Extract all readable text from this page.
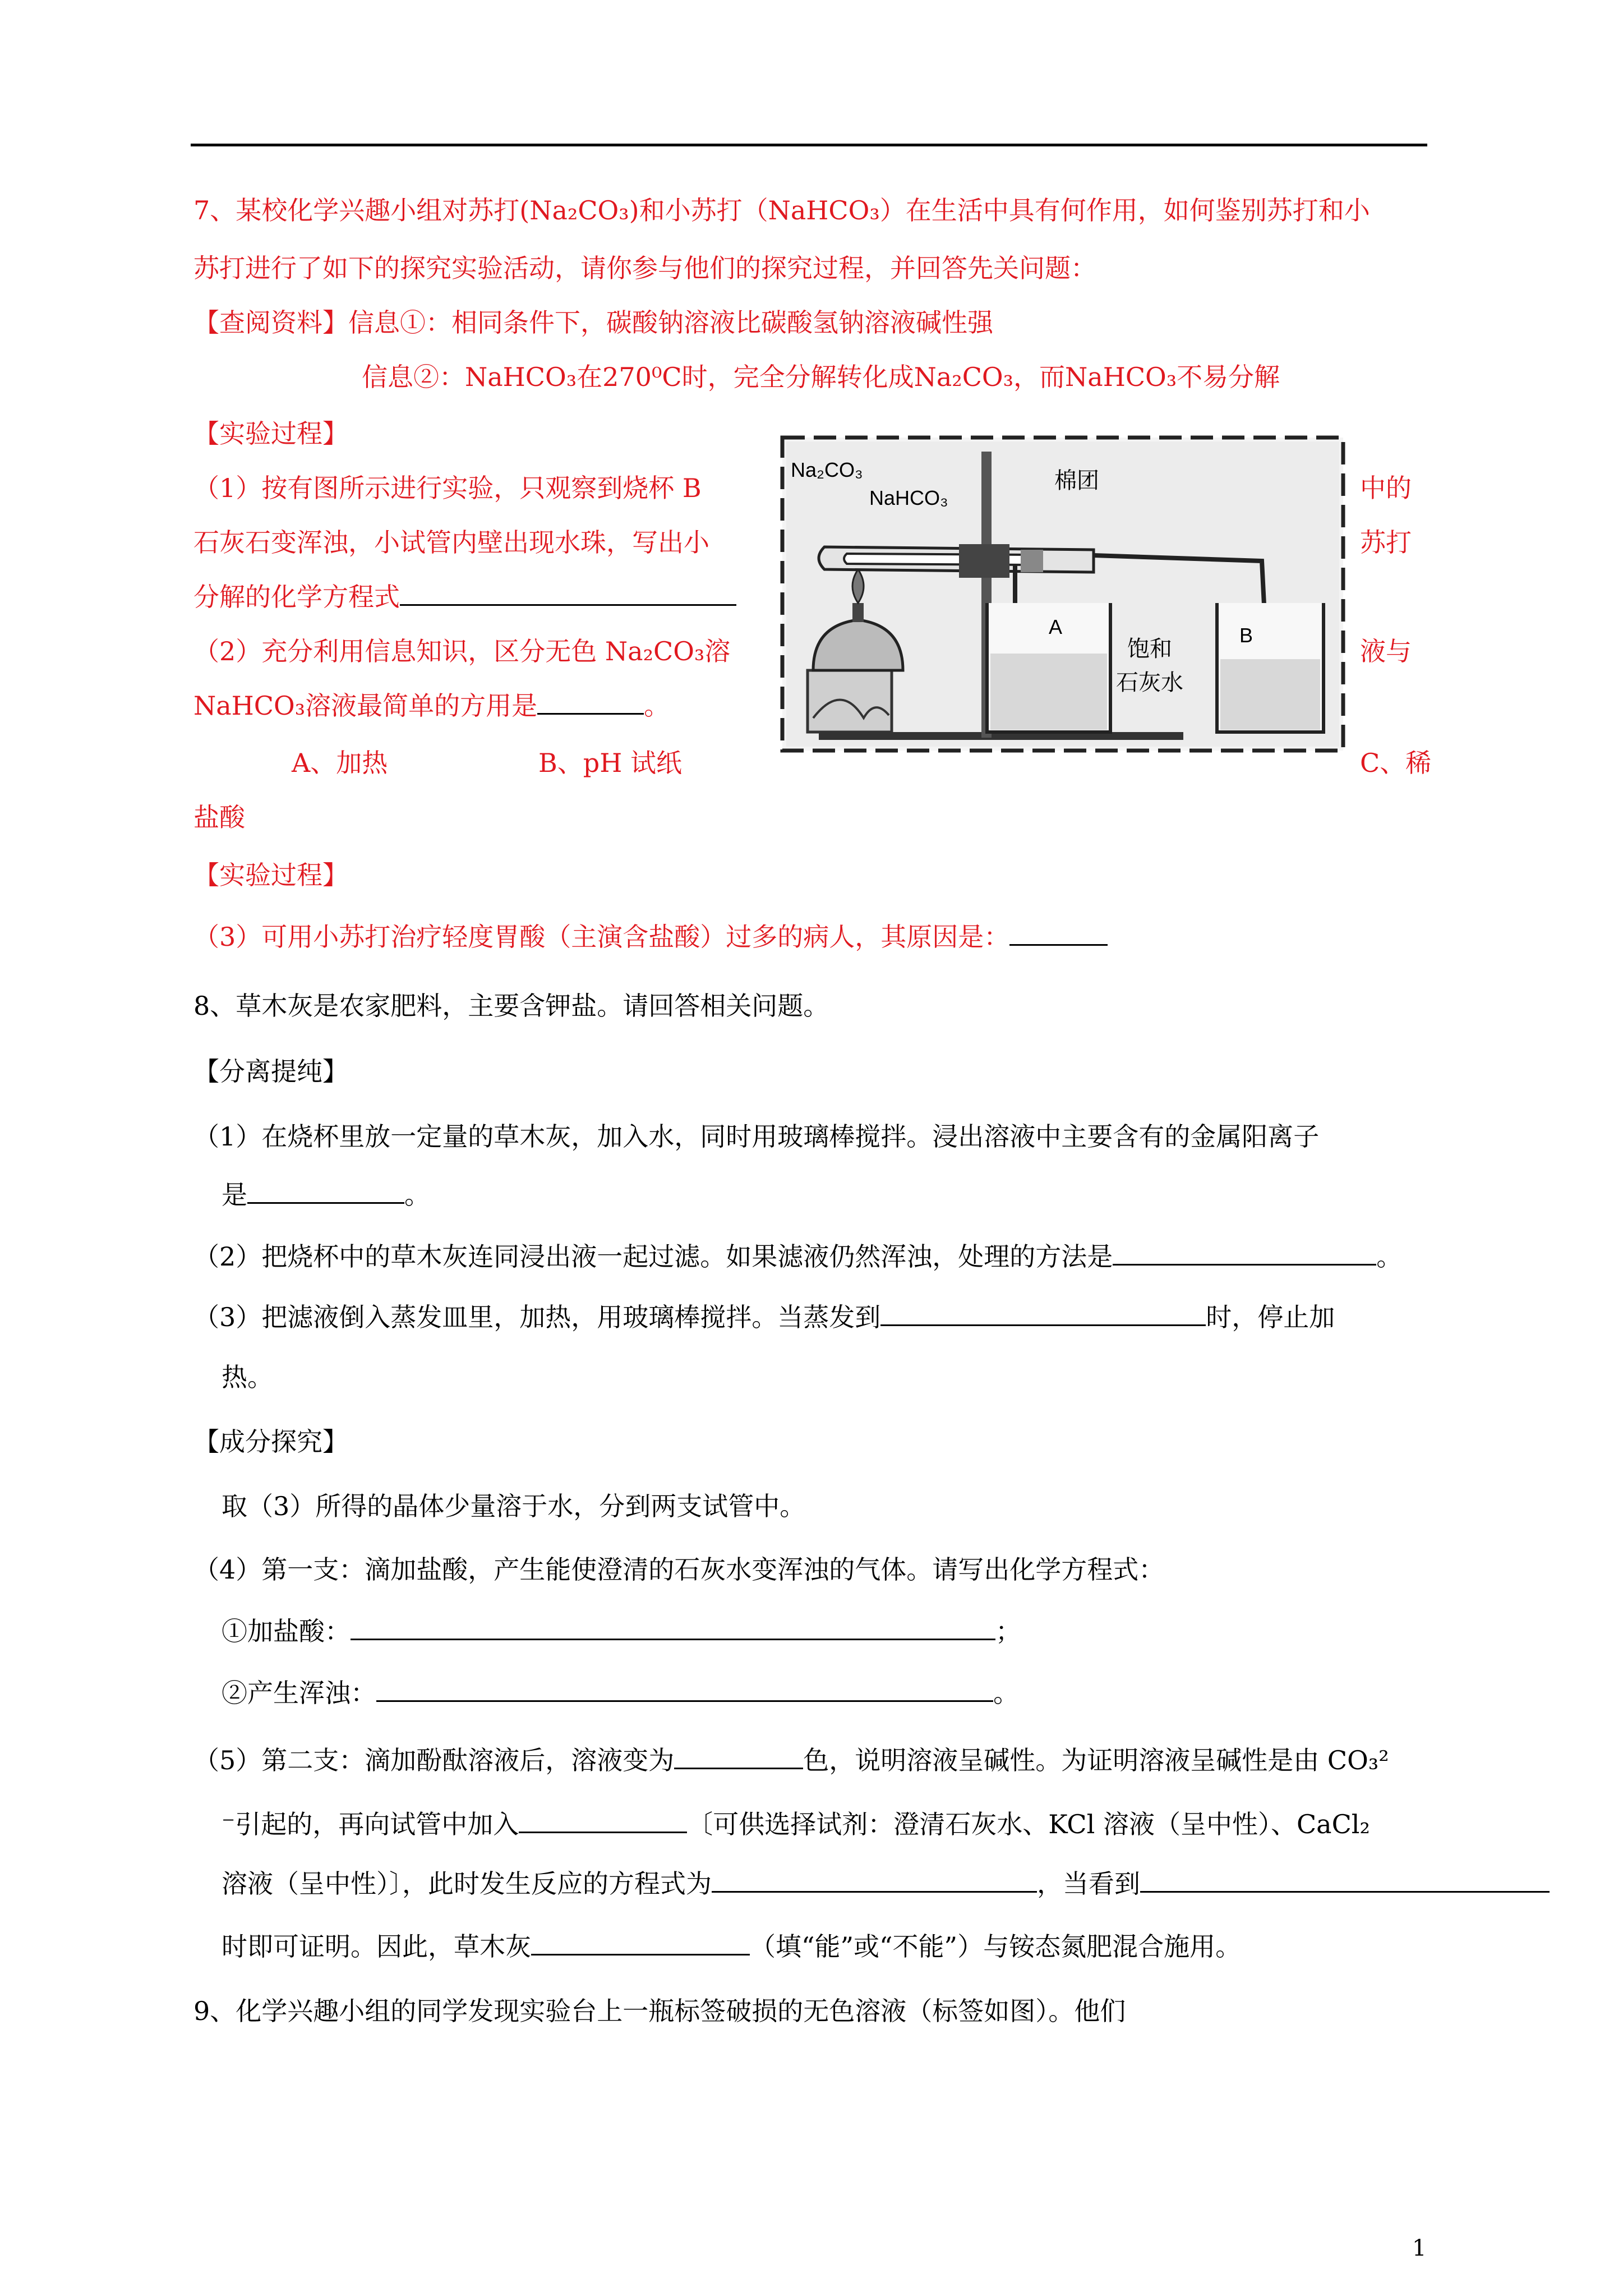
7、某校化学兴趣小组对苏打(Na₂CO₃)和小苏打（NaHCO₃）在生活中具有何作用，如何鉴别苏打和小
苏打进行了如下的探究实验活动，请你参与他们的探究过程，并回答先关问题：
【查阅资料】信息①：相同条件下，碳酸钠溶液比碳酸氢钠溶液碱性强
信息②：NaHCO₃在270⁰C时，完全分解转化成Na₂CO₃，而NaHCO₃不易分解
【实验过程】
（1）按有图所示进行实验，只观察到烧杯 B	中的
石灰石变浑浊，小试管内壁出现水珠，写出小	苏打
分解的化学方程式
（2）充分利用信息知识，区分无色 Na₂CO₃溶	液与
NaHCO₃溶液最简单的方用是	。
A、加热	B、pH 试纸	C、稀
盐酸
【实验过程】
（3）可用小苏打治疗轻度胃酸（主演含盐酸）过多的病人，其原因是：
Na₂CO₃
NaHCO₃
棉团
A	B
饱和
石灰水
8、草木灰是农家肥料，主要含钾盐。请回答相关问题。
【分离提纯】
（1）在烧杯里放一定量的草木灰，加入水，同时用玻璃棒搅拌。浸出溶液中主要含有的金属阳离子
是	。
（2）把烧杯中的草木灰连同浸出液一起过滤。如果滤液仍然浑浊，处理的方法是	。
（3）把滤液倒入蒸发皿里，加热，用玻璃棒搅拌。当蒸发到	时，停止加
热。
【成分探究】
取（3）所得的晶体少量溶于水，分到两支试管中。
（4）第一支：滴加盐酸，产生能使澄清的石灰水变浑浊的气体。请写出化学方程式：
①加盐酸：	；
②产生浑浊：	。
（5）第二支：滴加酚酞溶液后，溶液变为	色，说明溶液呈碱性。为证明溶液呈碱性是由 CO₃²
⁻引起的，再向试管中加入	〔可供选择试剂：澄清石灰水、KCl 溶液（呈中性）、CaCl₂
溶液（呈中性）〕，此时发生反应的方程式为	，当看到
时即可证明。因此，草木灰	（填“能”或“不能”）与铵态氮肥混合施用。
9、化学兴趣小组的同学发现实验台上一瓶标签破损的无色溶液（标签如图）。他们
1
